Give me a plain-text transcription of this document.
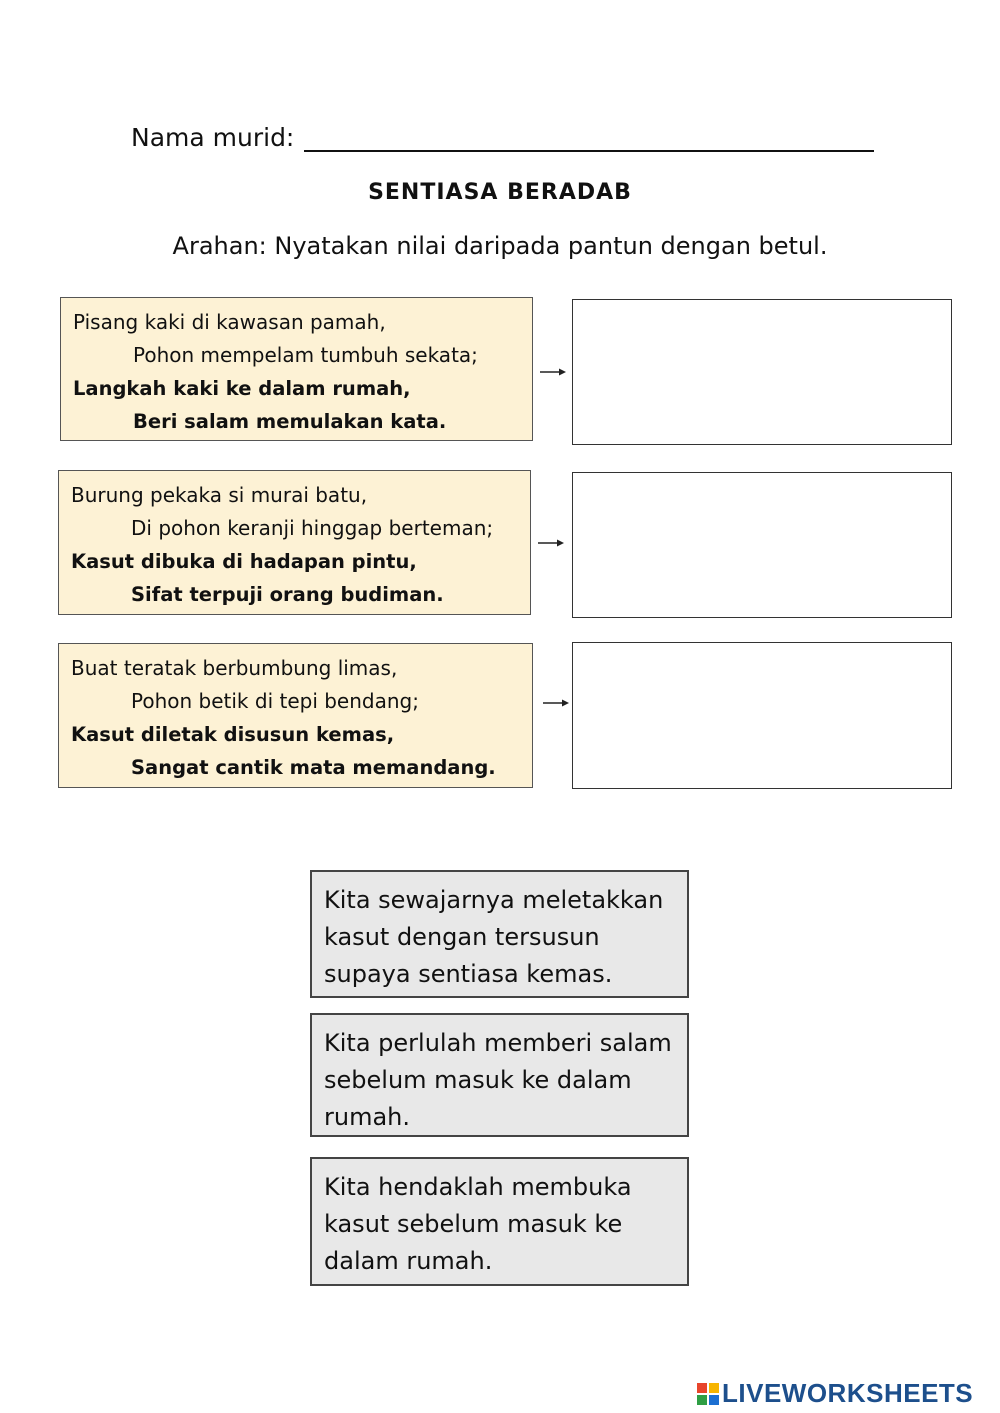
Nama murid:
SENTIASA BERADAB
Arahan: Nyatakan nilai daripada pantun dengan betul.
Pisang kaki di kawasan pamah,
Pohon mempelam tumbuh sekata;
Langkah kaki ke dalam rumah,
Beri salam memulakan kata.
Burung pekaka si murai batu,
Di pohon keranji hinggap berteman;
Kasut dibuka di hadapan pintu,
Sifat terpuji orang budiman.
Buat teratak berbumbung limas,
Pohon betik di tepi bendang;
Kasut diletak disusun kemas,
Sangat cantik mata memandang.
Kita sewajarnya meletakkan kasut dengan tersusun supaya sentiasa kemas.
Kita perlulah memberi salam sebelum masuk ke dalam rumah.
Kita hendaklah membuka kasut sebelum masuk ke dalam rumah.
LIVEWORKSHEETS
